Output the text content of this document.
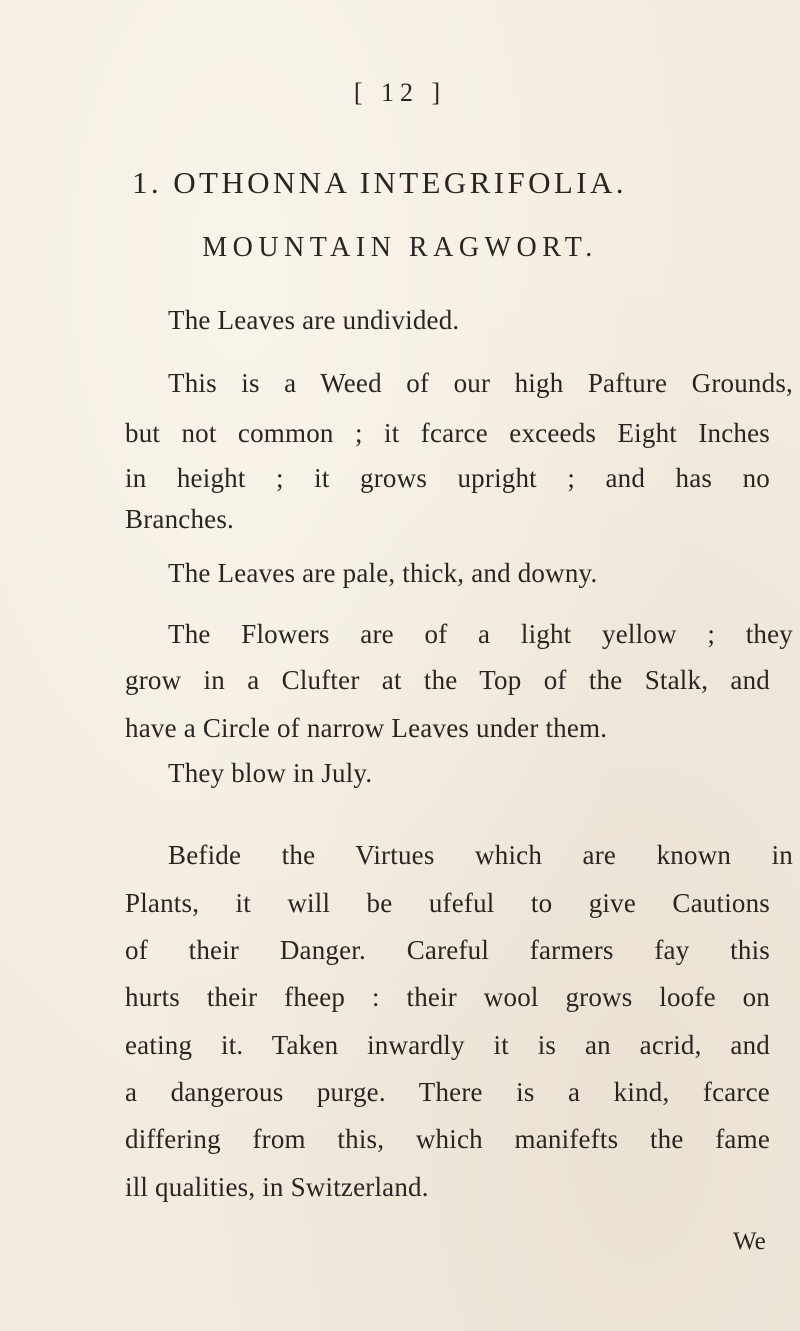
[ 12 ]
1. OTHONNA INTEGRIFOLIA.
MOUNTAIN RAGWORT.
The Leaves are undivided.
This is a Weed of our high Pafture Grounds,
but not common ; it fcarce exceeds Eight Inches
in height ; it grows upright ; and has no
Branches.
The Leaves are pale, thick, and downy.
The Flowers are of a light yellow ; they
grow in a Clufter at the Top of the Stalk, and
have a Circle of narrow Leaves under them.
They blow in July.
Befide the Virtues which are known in
Plants, it will be ufeful to give Cautions
of their Danger. Careful farmers fay this
hurts their fheep : their wool grows loofe on
eating it. Taken inwardly it is an acrid, and
a dangerous purge. There is a kind, fcarce
differing from this, which manifefts the fame
ill qualities, in Switzerland.
We
